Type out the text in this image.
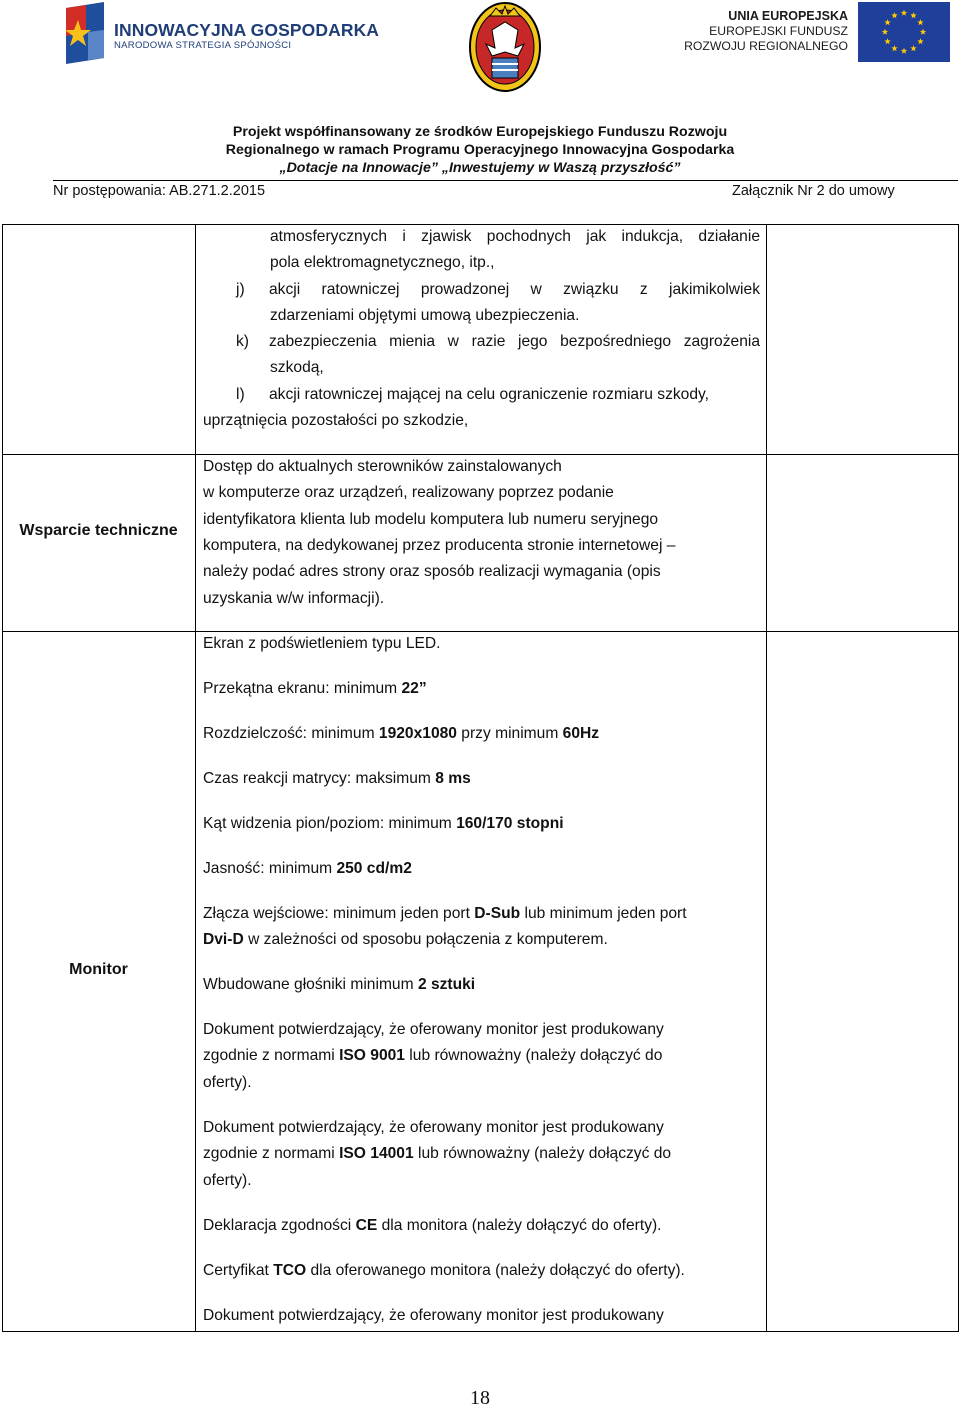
INNOWACYJNA GOSPODARKA
NARODOWA STRATEGIA SPÓJNOŚCI
UNIA EUROPEJSKA
EUROPEJSKI FUNDUSZ
ROZWOJU REGIONALNEGO
Projekt współfinansowany ze środków Europejskiego Funduszu Rozwoju
Regionalnego w ramach Programu Operacyjnego Innowacyjna Gospodarka
„Dotacje na Innowacje” „Inwestujemy w Waszą przyszłość”
Nr postępowania: AB.271.2.2015	Załącznik Nr 2 do umowy
atmosferycznych i zjawisk pochodnych jak indukcja, działanie
pola elektromagnetycznego, itp.,
j) akcji ratowniczej prowadzonej w związku z jakimikolwiek
zdarzeniami objętymi umową ubezpieczenia.
k) zabezpieczenia mienia w razie jego bezpośredniego zagrożenia
szkodą,
l) akcji ratowniczej mającej na celu ograniczenie rozmiaru szkody,
uprzątnięcia pozostałości po szkodzie,
Wsparcie techniczne
Dostęp do aktualnych sterowników zainstalowanych
w komputerze oraz urządzeń, realizowany poprzez podanie
identyfikatora klienta lub modelu komputera lub numeru seryjnego
komputera, na dedykowanej przez producenta stronie internetowej –
należy podać adres strony oraz sposób realizacji wymagania (opis
uzyskania w/w informacji).
Monitor
Ekran z podświetleniem typu LED.
Przekątna ekranu: minimum 22”
Rozdzielczość: minimum 1920x1080 przy minimum 60Hz
Czas reakcji matrycy: maksimum 8 ms
Kąt widzenia pion/poziom: minimum 160/170 stopni
Jasność: minimum 250 cd/m2
Złącza wejściowe: minimum jeden port D-Sub lub minimum jeden port
Dvi-D w zależności od sposobu połączenia z komputerem.
Wbudowane głośniki minimum 2 sztuki
Dokument potwierdzający, że oferowany monitor jest produkowany
zgodnie z normami ISO 9001 lub równoważny (należy dołączyć do
oferty).
Dokument potwierdzający, że oferowany monitor jest produkowany
zgodnie z normami ISO 14001 lub równoważny (należy dołączyć do
oferty).
Deklaracja zgodności CE dla monitora (należy dołączyć do oferty).
Certyfikat TCO dla oferowanego monitora (należy dołączyć do oferty).
Dokument potwierdzający, że oferowany monitor jest produkowany
18
